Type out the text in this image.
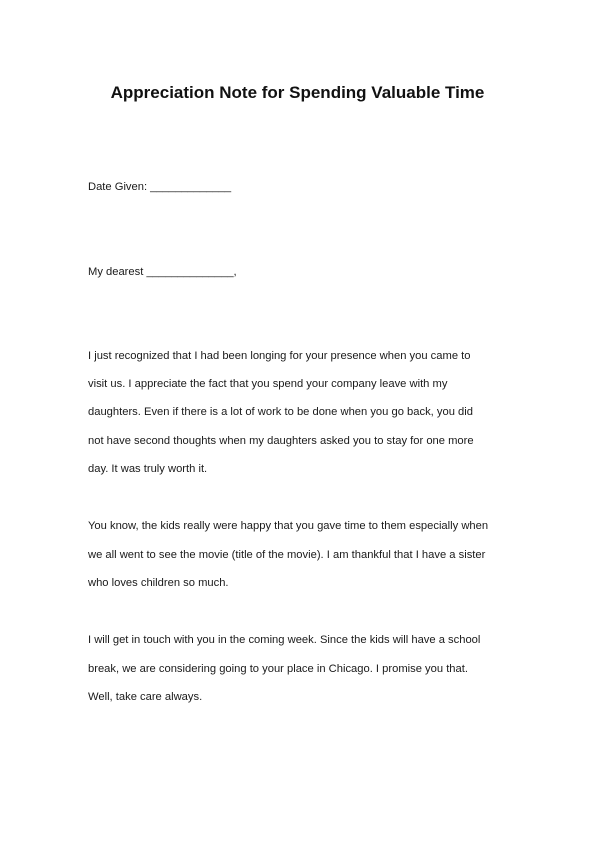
Appreciation Note for Spending Valuable Time

Date Given: _____________

My dearest ______________,

I just recognized that I had been longing for your presence when you came to

visit us. I appreciate the fact that you spend your company leave with my

daughters. Even if there is a lot of work to be done when you go back, you did

not have second thoughts when my daughters asked you to stay for one more

day. It was truly worth it.

You know, the kids really were happy that you gave time to them especially when

we all went to see the movie (title of the movie). I am thankful that I have a sister

who loves children so much.

I will get in touch with you in the coming week. Since the kids will have a school

break, we are considering going to your place in Chicago. I promise you that.

Well, take care always.
